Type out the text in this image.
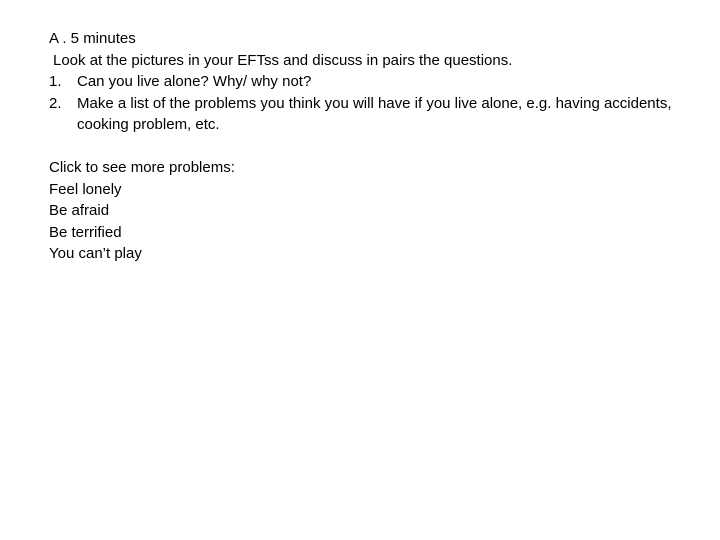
A . 5 minutes
Look at the pictures in your EFTss and discuss in pairs the questions.
1.	Can you live alone? Why/ why not?
2.	Make a list of the problems you think you will have if you live alone, e.g. having accidents, cooking problem, etc.
Click to see more problems:
Feel lonely
Be afraid
Be terrified
You can’t play
